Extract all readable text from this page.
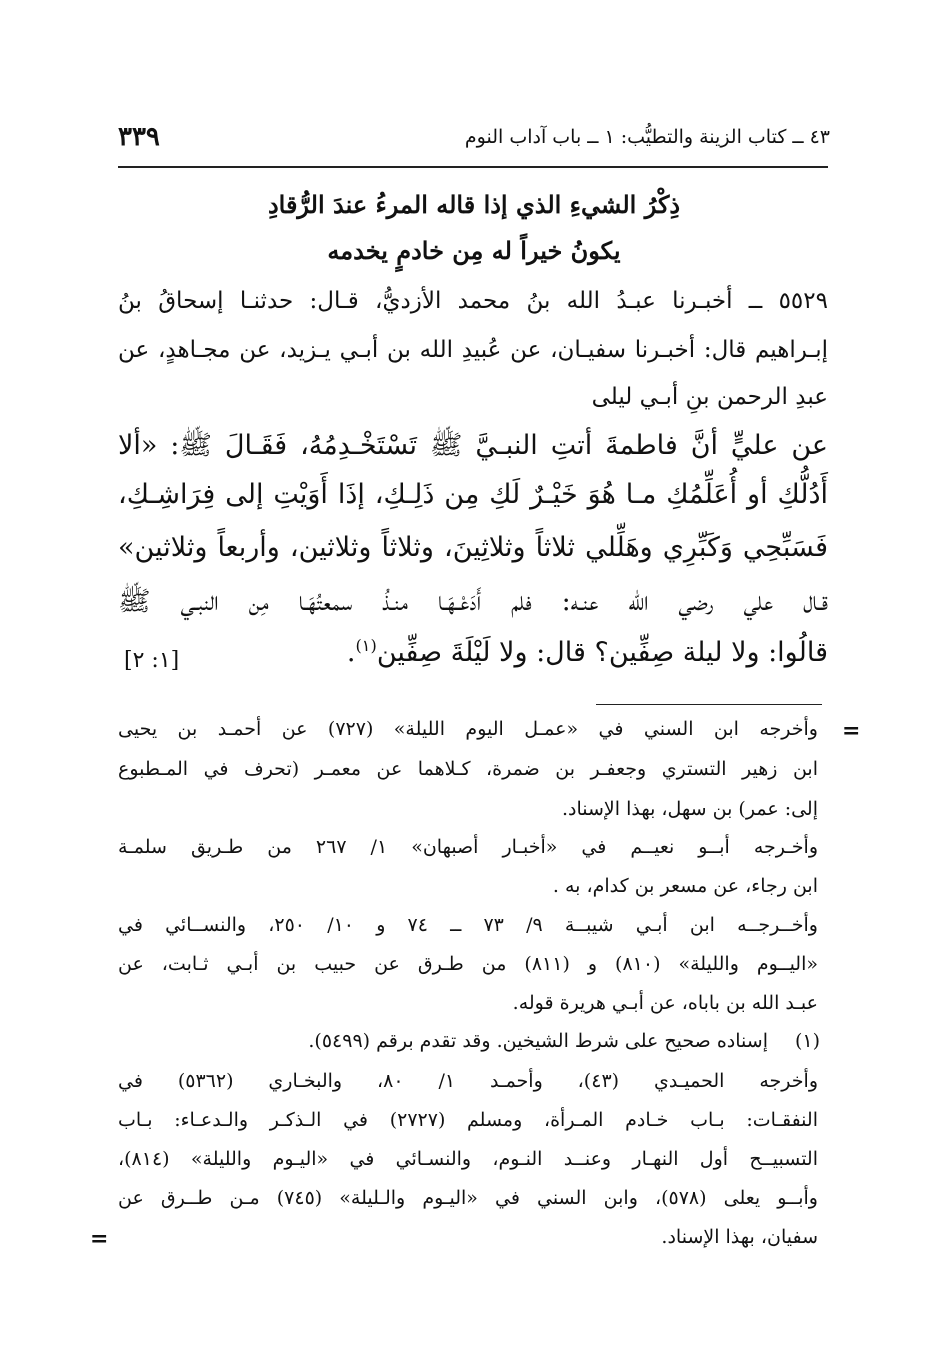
٣٣٩	٤٣ ــ كتاب الزينة والتطيُّب: ١ ــ باب آداب النوم
ذِكْرُ الشيءِ الذي إذا قاله المرءُ عندَ الرُّقادِ
يكونُ خيراً له مِن خادمٍ يخدمه
٥٥٢٩ ــ أخبـرنا عبـدُ الله بنُ محمد الأزديُّ، قـال: حدثنـا إسحاقُ بنُ
إبـراهيم قال: أخبـرنا سفيـان، عن عُبيدِ الله بن أبـي يـزيد، عن مجـاهدٍ، عن
عبدِ الرحمن بنِ أبـي ليلى
عن عليٍّ أنَّ فاطمةَ أتتِ النبـيَّ ﷺ تَسْتَخْـدِمُهُ، فَقَـالَ ﷺ: «ألا
أَدُلُّكِ أو أُعَلِّمُكِ مـا هُوَ خَيْـرٌ لَكِ مِن ذَلِـكِ، إذَا أَوَيْتِ إلى فِرَاشِـكِ،
فَسَبِّحِي وَكَبِّرِي وهَلِّلي ثلاثاً وثلاثِينَ، وثلاثاً وثلاثين، وأربعاً وثلاثين»
قـال علي رضي الله عنـه: فلم أَدَعْـهَـا منـذُ سمعتُهَـا مِن النبـي ﷺ
قالُوا: ولا ليلة صِفِّين؟ قال: ولا لَيْلَةَ صِفِّين$^{(١)}$.
[١: ٢]
=
وأخرجه ابن السني في «عمـل اليوم الليلة» (٧٢٧) عن أحمـد بن يحيى
ابن زهير التستري وجعفـر بن ضمرة، كـلاهما عن معمـر (تحرف في المـطبوع
إلى: عمر) بن سهل، بهذا الإسناد.
وأخـرجه أبــو نعيــم في «أخبـار أصبهان» ١/ ٢٦٧ من طـريق سلمـة
ابن رجاء، عن مسعر بن كدام، به .
وأخــرجــه ابن أبـي شيبــة ٩/ ٧٣ ــ ٧٤ و ١٠/ ٢٥٠، والنســائي في
«اليــوم والليلة» (٨١٠) و (٨١١) من طـرق عن حبيب بن أبـي ثـابت، عن
عبـد الله بن باباه، عن أبـي هريرة قوله.
(١)
إسناده صحيح على شرط الشيخين. وقد تقدم برقم (٥٤٩٩).
وأخرجه الحميـدي (٤٣)، وأحمـد ١/ ٨٠، والبخـاري (٥٣٦٢) في
النفقـات: بـاب خـادم المـرأة، ومسلم (٢٧٢٧) في الـذكـر والـدعـاء: بـاب
التسبيــح أول النهـار وعنــد النـوم، والنسـائي في «اليـوم والليلة» (٨١٤)،
وأبــو يعلى (٥٧٨)، وابن السني في «اليـوم والـليلة» (٧٤٥) مـن طــرق عن
سفيان، بهذا الإسناد.
=
